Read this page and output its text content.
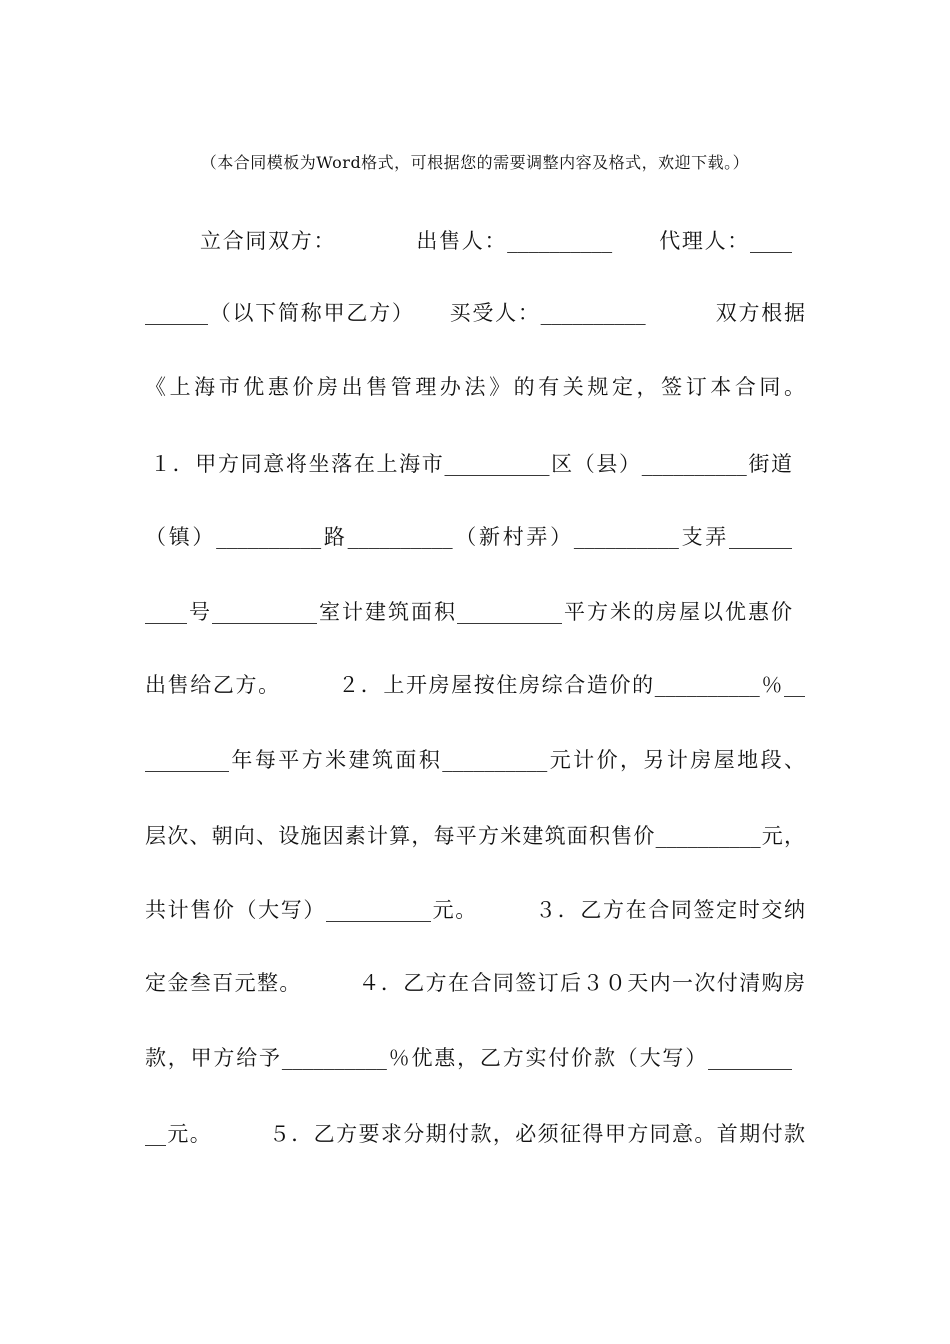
（本合同模板为Word格式，可根据您的需要调整内容及格式，欢迎下载。）
立合同双方：　　　　出售人：__________　　代理人：____
______（以下简称甲乙方）　　买受人：__________　　　双方根据
《上海市优惠价房出售管理办法》的有关规定，签订本合同。
１．甲方同意将坐落在上海市__________区（县）__________街道
（镇）__________路__________（新村弄）__________支弄______
____号__________室计建筑面积__________平方米的房屋以优惠价
出售给乙方。　　　２．上开房屋按住房综合造价的__________％__
________年每平方米建筑面积__________元计价，另计房屋地段、
层次、朝向、设施因素计算，每平方米建筑面积售价__________元，
共计售价（大写）__________元。　　　３．乙方在合同签定时交纳
定金叁百元整。　　　４．乙方在合同签订后３０天内一次付清购房
款，甲方给予__________％优惠，乙方实付价款（大写）________
__元。　　　５．乙方要求分期付款，必须征得甲方同意。首期付款
